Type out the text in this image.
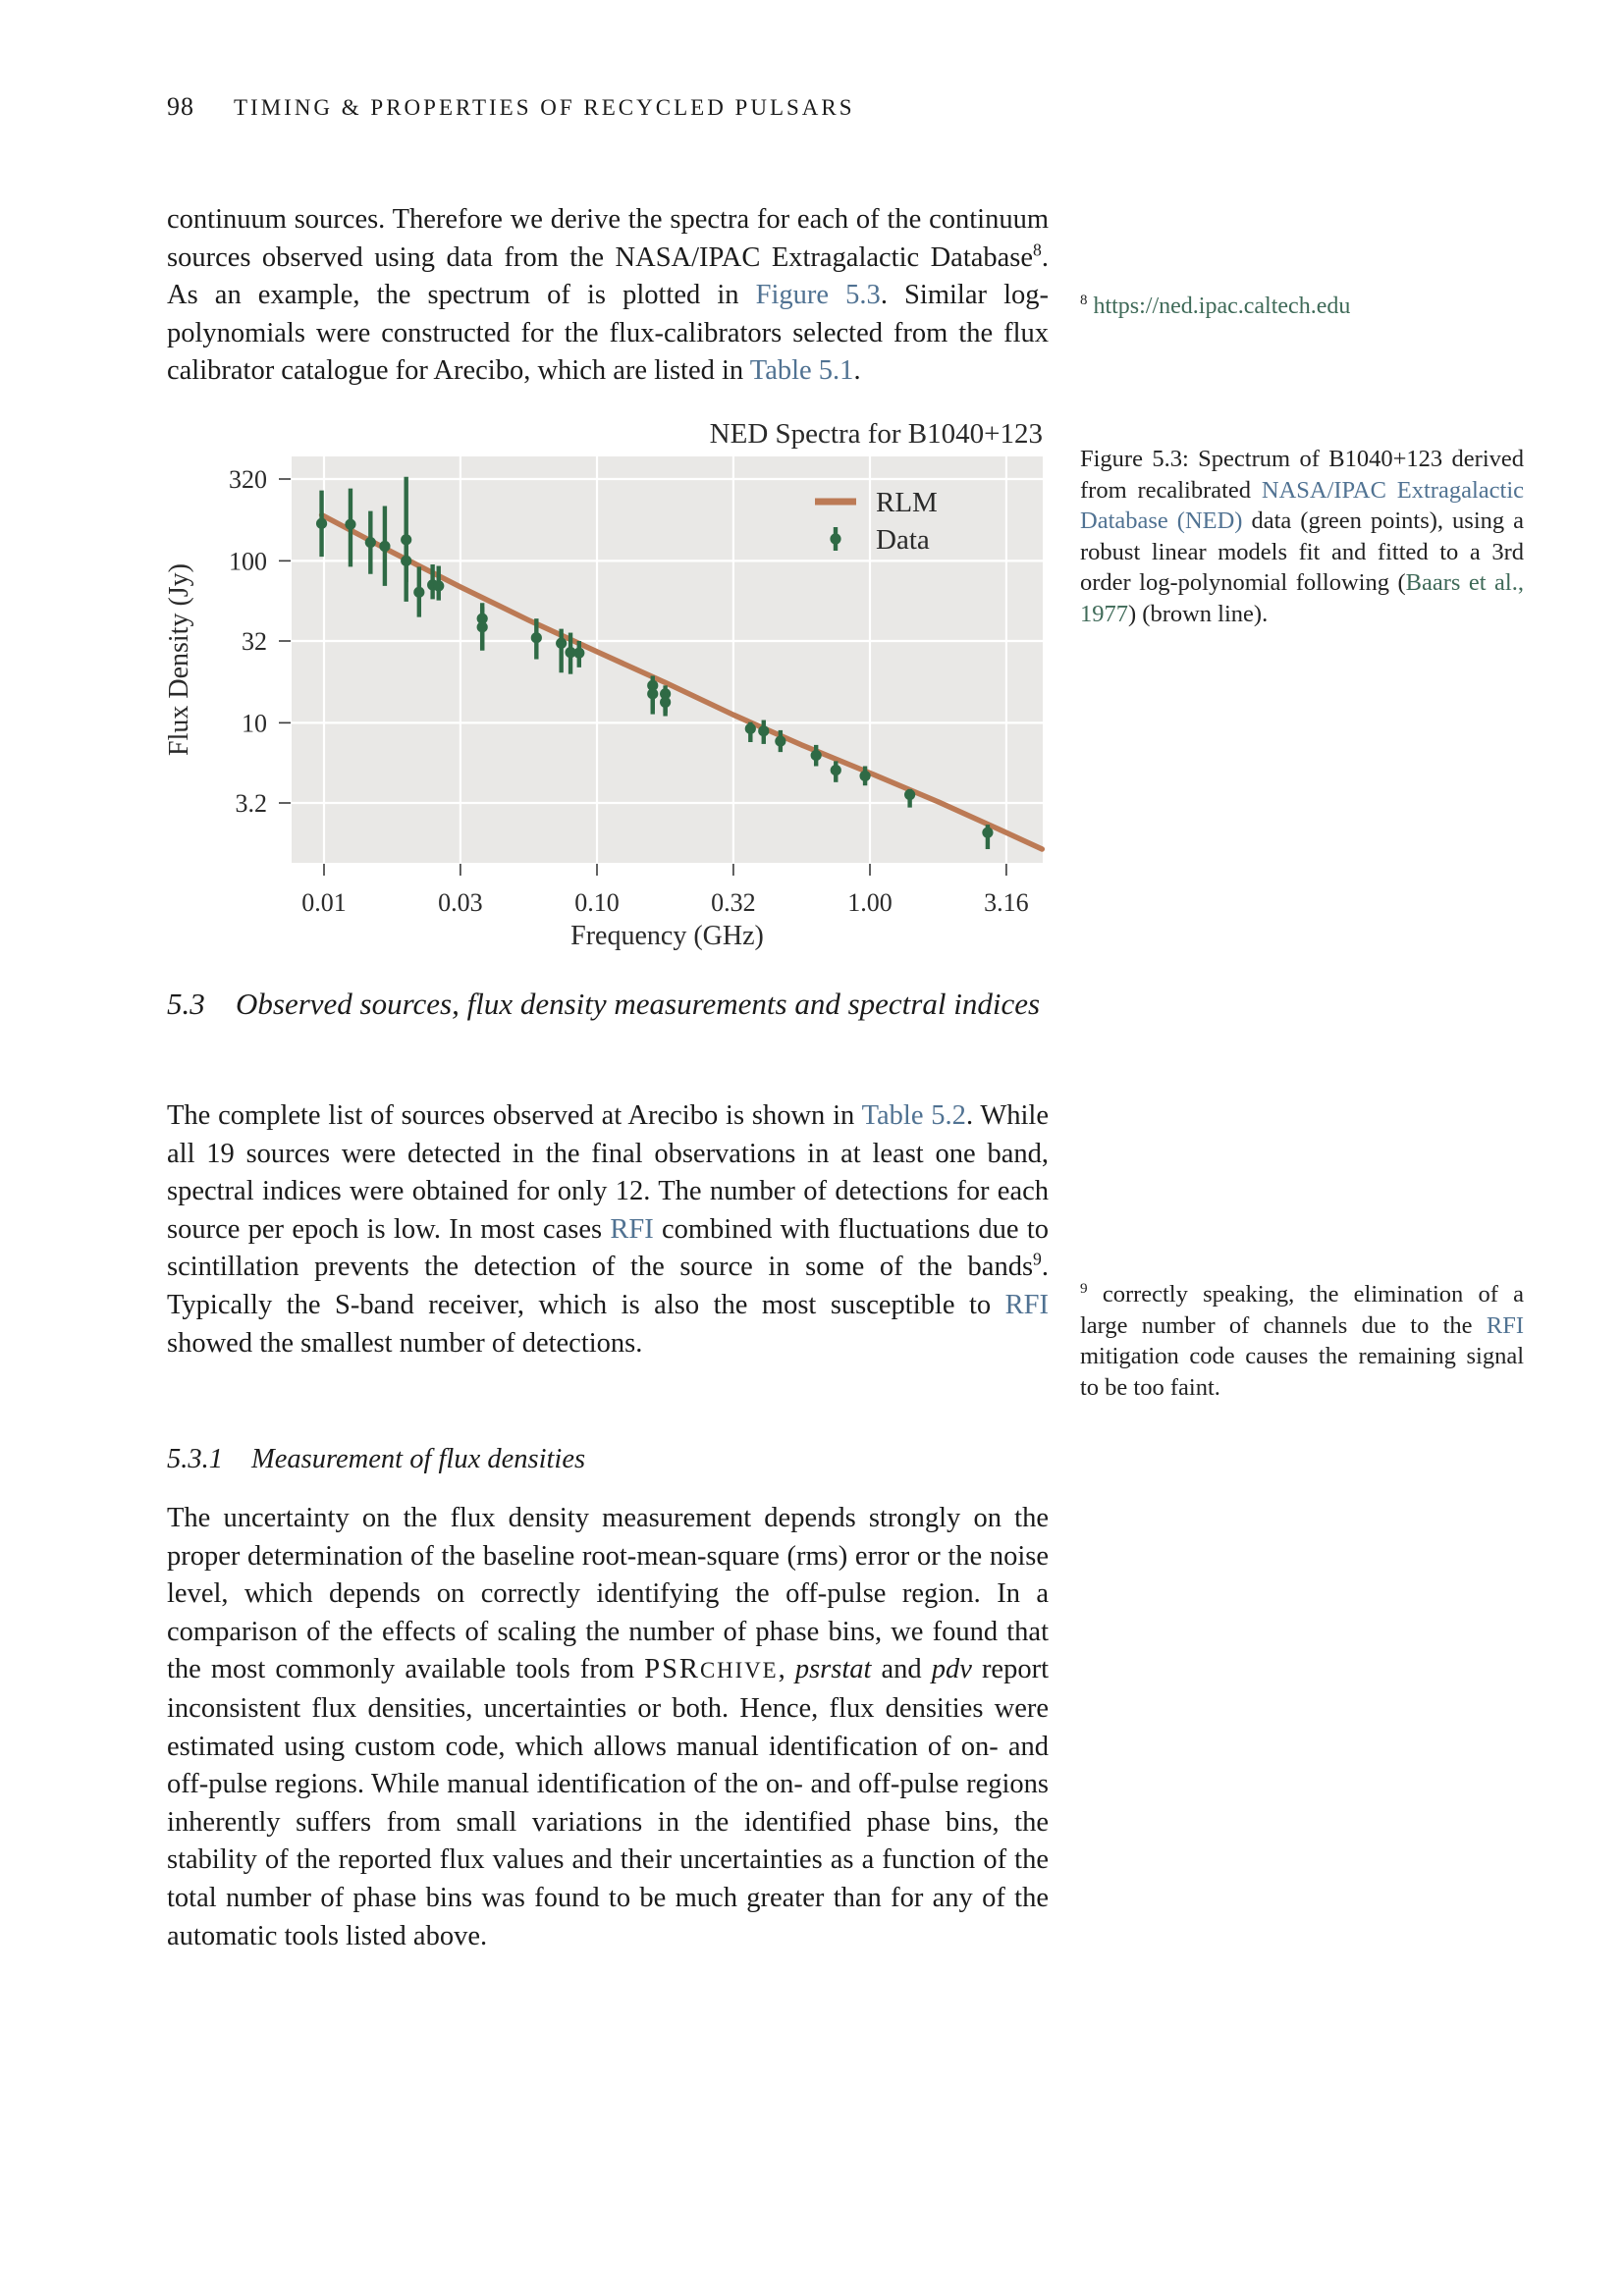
98 TIMING & PROPERTIES OF RECYCLED PULSARS
continuum sources. Therefore we derive the spectra for each of the continuum sources observed using data from the NASA/IPAC Extragalactic Database$^8$. As an example, the spectrum of is plotted in Figure 5.3. Similar log-polynomials were constructed for the flux-calibrators selected from the flux calibrator catalogue for Arecibo, which are listed in Table 5.1.
$^8$ https://ned.ipac.caltech.edu
0.01	0.03	0.10	0.32	1.00	3.16
320
100
32
10
3.2
NED Spectra for B1040+123
Frequency (GHz)
Flux Density (Jy)
RLM
Data
Figure 5.3: Spectrum of B1040+123 derived from recalibrated NASA/IPAC Extragalactic Database (NED) data (green points), using a robust linear models fit and fitted to a 3rd order log-polynomial following (Baars et al., 1977) (brown line).
5.3 Observed sources, flux density measurements and spectral indices
The complete list of sources observed at Arecibo is shown in Table 5.2. While all 19 sources were detected in the final observations in at least one band, spectral indices were obtained for only 12. The number of detections for each source per epoch is low. In most cases RFI combined with fluctuations due to scintillation prevents the detection of the source in some of the bands$^9$. Typically the S-band receiver, which is also the most susceptible to RFI showed the smallest number of detections.
$^9$ correctly speaking, the elimination of a large number of channels due to the RFI mitigation code causes the remaining signal to be too faint.
5.3.1 Measurement of flux densities
The uncertainty on the flux density measurement depends strongly on the proper determination of the baseline root-mean-square (rms) error or the noise level, which depends on correctly identifying the off-pulse region. In a comparison of the effects of scaling the number of phase bins, we found that the most commonly available tools from PSRCHIVE, psrstat and pdv report inconsistent flux densities, uncertainties or both. Hence, flux densities were estimated using custom code, which allows manual identification of on- and off-pulse regions. While manual identification of the on- and off-pulse regions inherently suffers from small variations in the identified phase bins, the stability of the reported flux values and their uncertainties as a function of the total number of phase bins was found to be much greater than for any of the automatic tools listed above.
